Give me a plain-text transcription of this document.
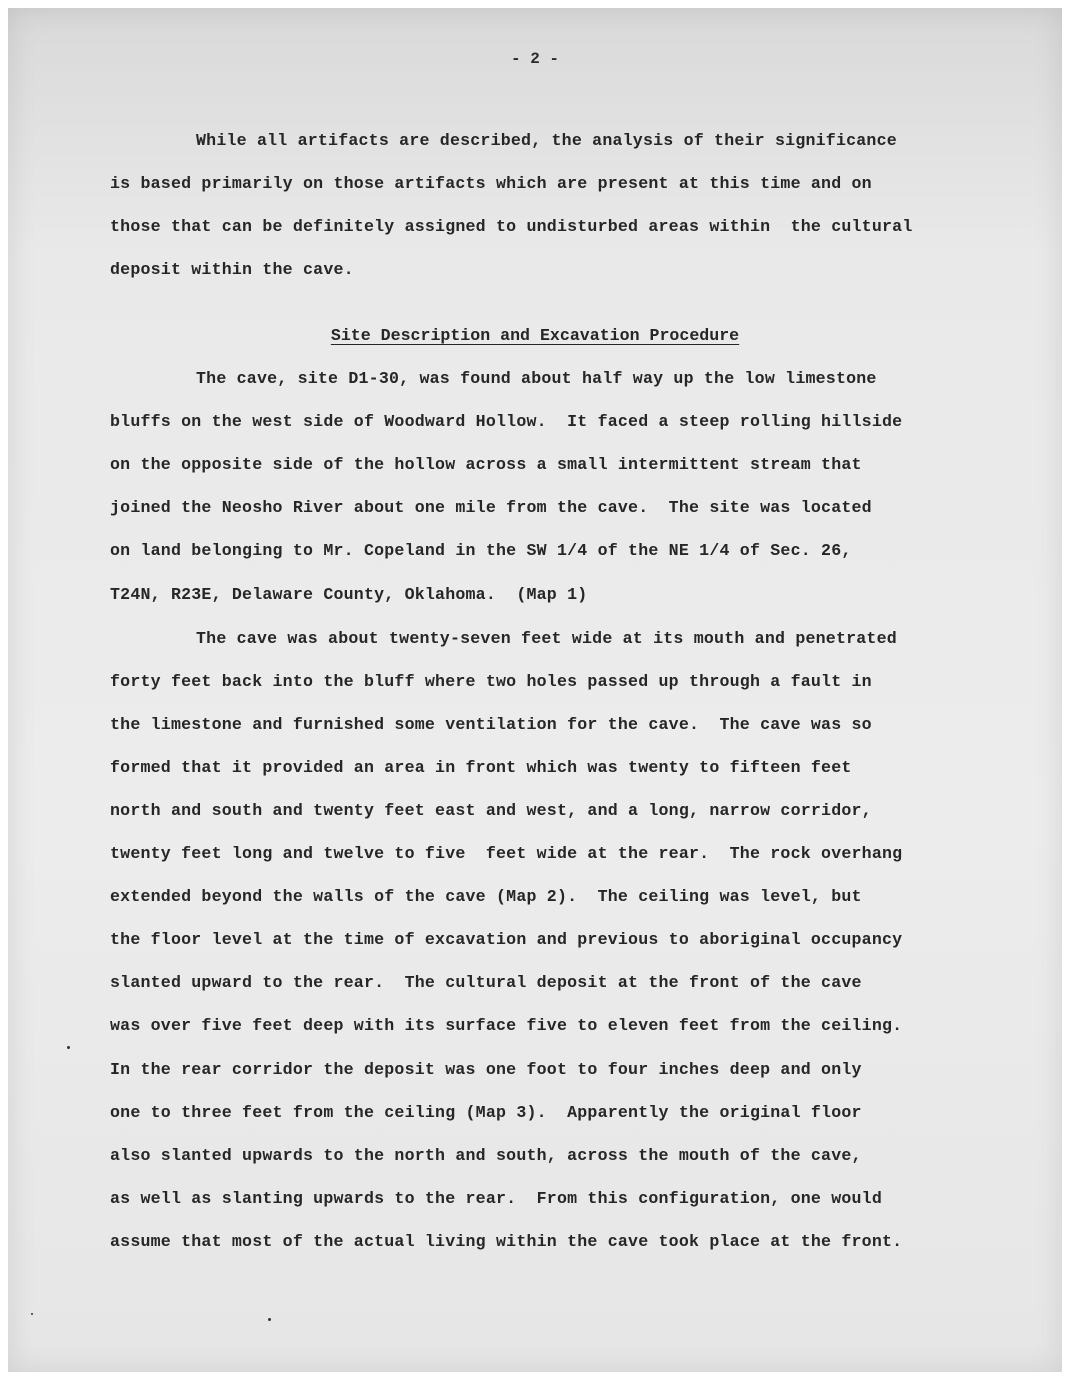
- 2 -
While all artifacts are described, the analysis of their significance
is based primarily on those artifacts which are present at this time and on
those that can be definitely assigned to undisturbed areas within  the cultural
deposit within the cave.
Site Description and Excavation Procedure
The cave, site D1-30, was found about half way up the low limestone
bluffs on the west side of Woodward Hollow.  It faced a steep rolling hillside
on the opposite side of the hollow across a small intermittent stream that
joined the Neosho River about one mile from the cave.  The site was located
on land belonging to Mr. Copeland in the SW 1/4 of the NE 1/4 of Sec. 26,
T24N, R23E, Delaware County, Oklahoma.  (Map 1)
The cave was about twenty-seven feet wide at its mouth and penetrated
forty feet back into the bluff where two holes passed up through a fault in
the limestone and furnished some ventilation for the cave.  The cave was so
formed that it provided an area in front which was twenty to fifteen feet
north and south and twenty feet east and west, and a long, narrow corridor,
twenty feet long and twelve to five  feet wide at the rear.  The rock overhang
extended beyond the walls of the cave (Map 2).  The ceiling was level, but
the floor level at the time of excavation and previous to aboriginal occupancy
slanted upward to the rear.  The cultural deposit at the front of the cave
was over five feet deep with its surface five to eleven feet from the ceiling.
In the rear corridor the deposit was one foot to four inches deep and only
one to three feet from the ceiling (Map 3).  Apparently the original floor
also slanted upwards to the north and south, across the mouth of the cave,
as well as slanting upwards to the rear.  From this configuration, one would
assume that most of the actual living within the cave took place at the front.
